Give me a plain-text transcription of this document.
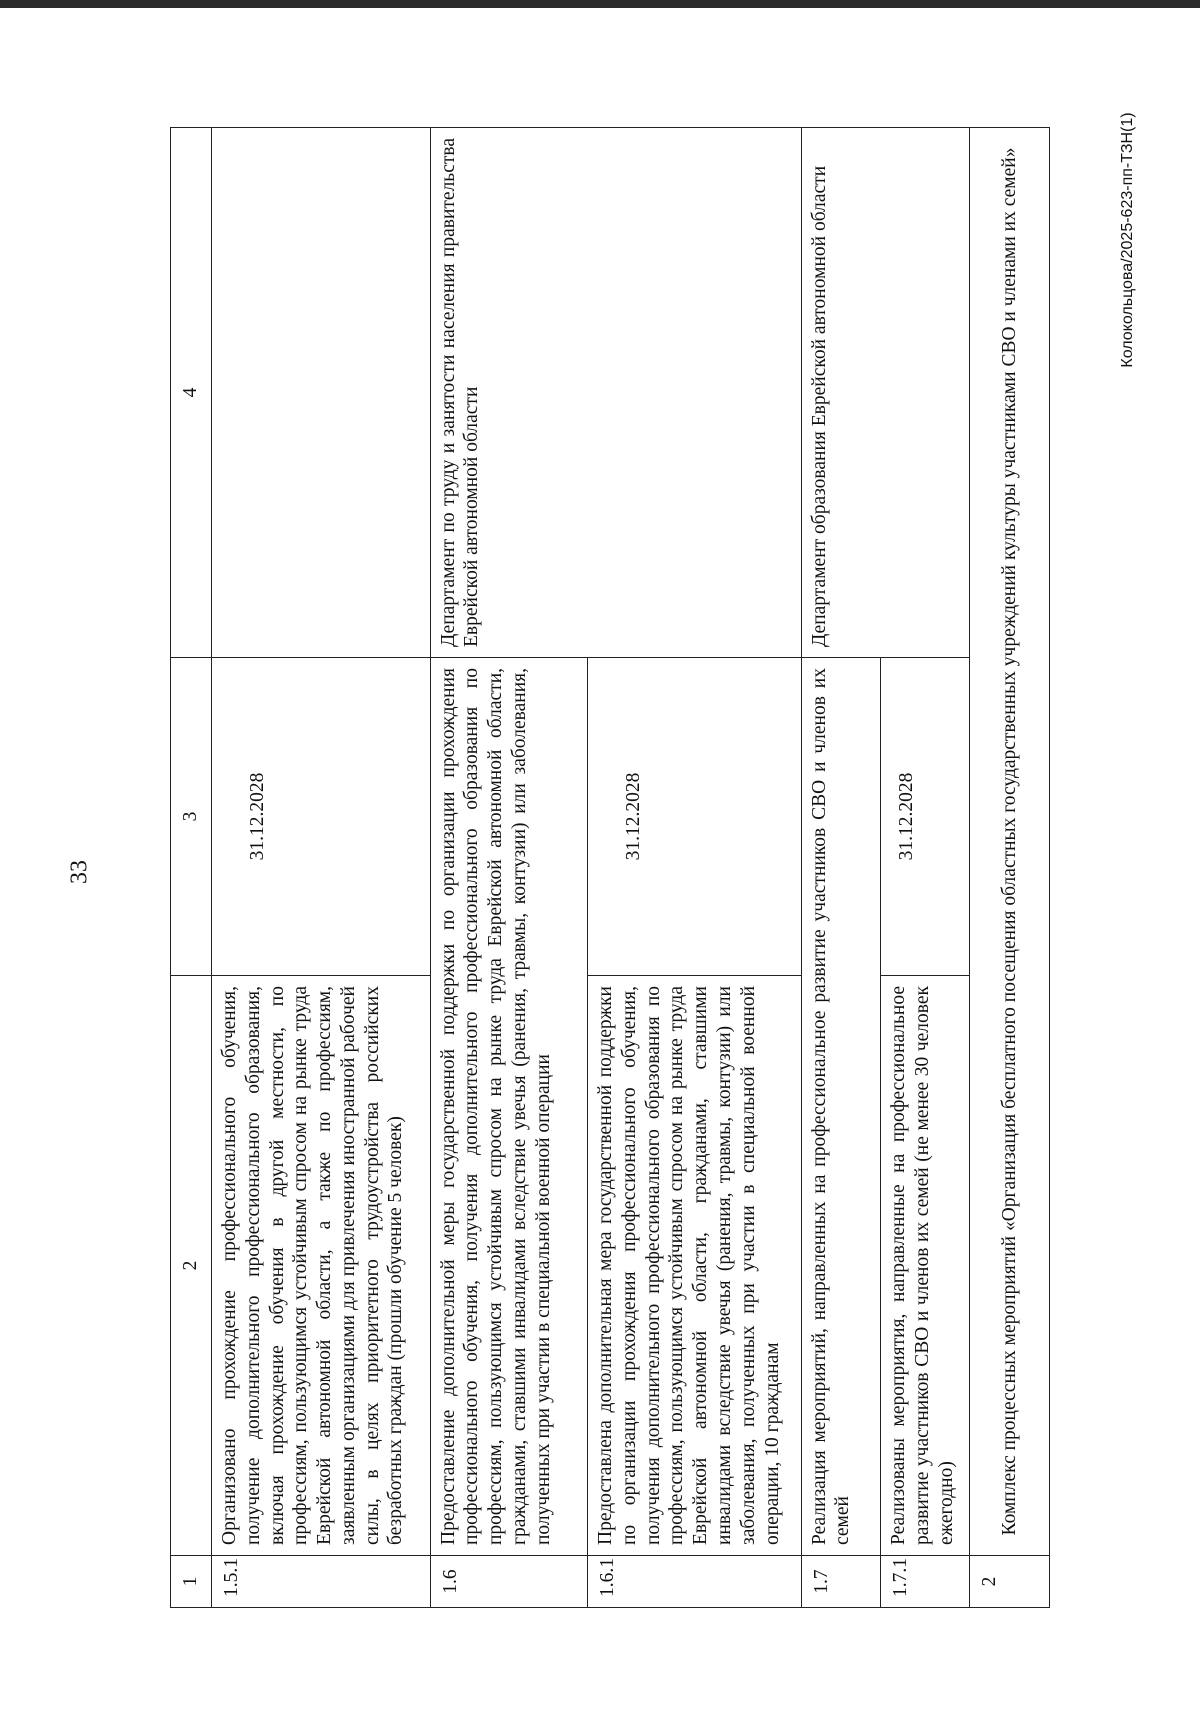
33
Колокольцова/2025-623-пп-ТЗН(1)
1	2	3	4
1.5.1	Организовано прохождение профессионального обучения, получение дополнительного профессионального образования, включая прохождение обучения в другой местности, по профессиям, пользующимся устойчивым спросом на рынке труда Еврейской автономной области, а также по профессиям, заявленным организациями для привлечения иностранной рабочей силы, в целях приоритетного трудоустройства российских безработных граждан (прошли обучение 5 человек)	31.12.2028	
1.6	Предоставление дополнительной меры государственной поддержки по организации прохождения профессионального обучения, получения дополнительного профессионального образования по профессиям, пользующимся устойчивым спросом на рынке труда Еврейской автономной области, гражданами, ставшими инвалидами вследствие увечья (ранения, травмы, контузии) или заболевания, полученных при участии в специальной военной операции		Департамент по труду и занятости населения правительства Еврейской автономной области
1.6.1	Предоставлена дополнительная мера государственной поддержки по организации прохождения профессионального обучения, получения дополнительного профессионального образования по профессиям, пользующимся устойчивым спросом на рынке труда Еврейской автономной области, гражданами, ставшими инвалидами вследствие увечья (ранения, травмы, контузии) или заболевания, полученных при участии в специальной военной операции, 10 гражданам	31.12.2028	
1.7	Реализация мероприятий, направленных на профессиональное развитие участников СВО и членов их семей		Департамент образования Еврейской автономной области
1.7.1	Реализованы мероприятия, направленные на профессиональное развитие участников СВО и членов их семей (не менее 30 человек ежегодно)	31.12.2028	
2	Комплекс процессных мероприятий «Организация бесплатного посещения областных государственных учреждений культуры участниками СВО и членами их семей»		
